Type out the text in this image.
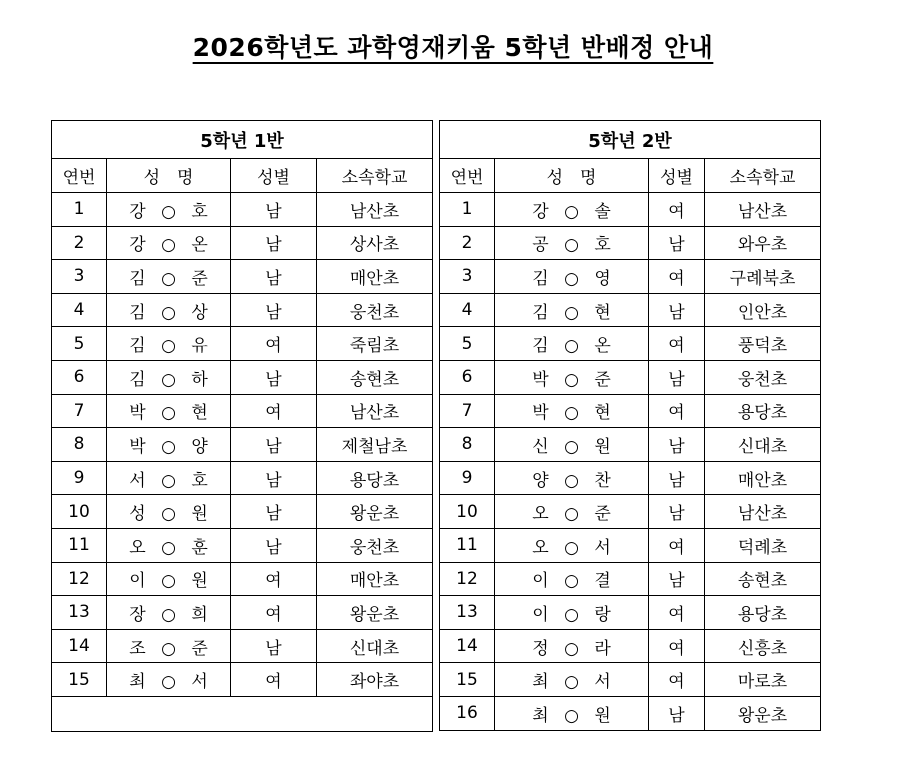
2026학년도 과학영재키움 5학년 반배정 안내
5학년 1반			
연번	성　명	성별	소속학교
1	강 ○ 호	남	남산초
2	강 ○ 온	남	상사초
3	김 ○ 준	남	매안초
4	김 ○ 상	남	웅천초
5	김 ○ 유	여	죽림초
6	김 ○ 하	남	송현초
7	박 ○ 현	여	남산초
8	박 ○ 양	남	제철남초
9	서 ○ 호	남	용당초
10	성 ○ 원	남	왕운초
11	오 ○ 훈	남	웅천초
12	이 ○ 원	여	매안초
13	장 ○ 희	여	왕운초
14	조 ○ 준	남	신대초
15	최 ○ 서	여	좌야초

5학년 2반			
연번	성　명	성별	소속학교
1	강 ○ 솔	여	남산초
2	공 ○ 호	남	와우초
3	김 ○ 영	여	구례북초
4	김 ○ 현	남	인안초
5	김 ○ 온	여	풍덕초
6	박 ○ 준	남	웅천초
7	박 ○ 현	여	용당초
8	신 ○ 원	남	신대초
9	양 ○ 찬	남	매안초
10	오 ○ 준	남	남산초
11	오 ○ 서	여	덕례초
12	이 ○ 결	남	송현초
13	이 ○ 랑	여	용당초
14	정 ○ 라	여	신흥초
15	최 ○ 서	여	마로초
16	최 ○ 원	남	왕운초
